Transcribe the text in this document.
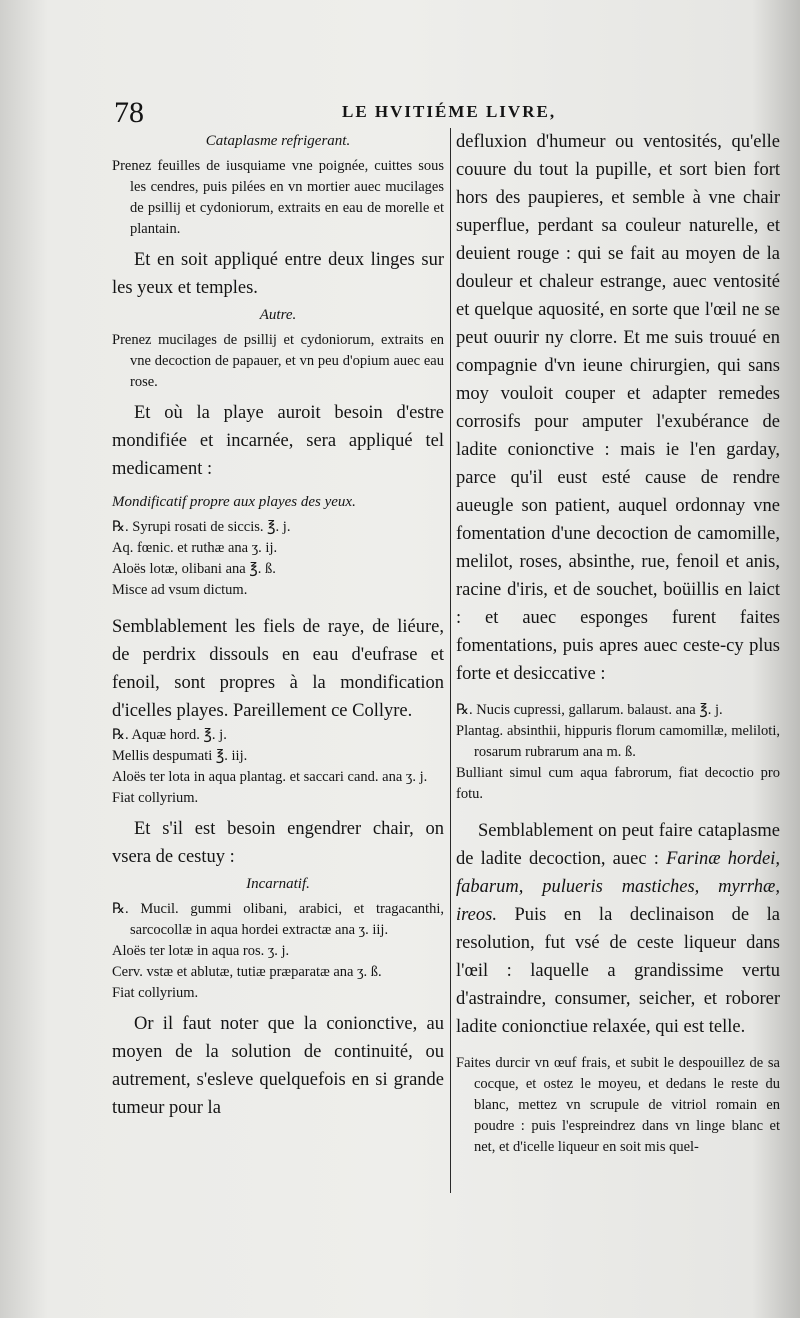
78	LE HVITIÉME LIVRE,
Cataplasme refrigerant.

Prenez feuilles de iusquiame vne poignée, cuittes sous les cendres, puis pilées en vn mortier auec mucilages de psillij et cydoniorum, extraits en eau de morelle et plantain.

Et en soit appliqué entre deux linges sur les yeux et temples.

Autre.

Prenez mucilages de psillij et cydoniorum, extraits en vne decoction de papauer, et vn peu d'opium auec eau rose.

Et où la playe auroit besoin d'estre mondifiée et incarnée, sera appliqué tel medicament :

Mondificatif propre aux playes des yeux.

℞. Syrupi rosati de siccis. ℥. j.

Aq. fœnic. et ruthæ ana ʒ. ij.

Aloës lotæ, olibani ana ℥. ß.

Misce ad vsum dictum.

Semblablement les fiels de raye, de liéure, de perdrix dissouls en eau d'eufrase et fenoil, sont propres à la mondification d'icelles playes. Pareillement ce Collyre.

℞. Aquæ hord. ℥. j.

Mellis despumati ℥. iij.

Aloës ter lota in aqua plantag. et saccari cand. ana ʒ. j.

Fiat collyrium.

Et s'il est besoin engendrer chair, on vsera de cestuy :

Incarnatif.

℞. Mucil. gummi olibani, arabici, et tragacanthi, sarcocollæ in aqua hordei extractæ ana ʒ. iij.

Aloës ter lotæ in aqua ros. ʒ. j.

Cerv. vstæ et ablutæ, tutiæ præparatæ ana ʒ. ß.

Fiat collyrium.

Or il faut noter que la conionctive, au moyen de la solution de continuité, ou autrement, s'esleve quelquefois en si grande tumeur pour la

defluxion d'humeur ou ventosités, qu'elle couure du tout la pupille, et sort bien fort hors des paupieres, et semble à vne chair superflue, perdant sa couleur naturelle, et deuient rouge : qui se fait au moyen de la douleur et chaleur estrange, auec ventosité et quelque aquosité, en sorte que l'œil ne se peut ouurir ny clorre. Et me suis trouué en compagnie d'vn ieune chirurgien, qui sans moy vouloit couper et adapter remedes corrosifs pour amputer l'exubérance de ladite conionctive : mais ie l'en garday, parce qu'il eust esté cause de rendre aueugle son patient, auquel ordonnay vne fomentation d'une decoction de camomille, melilot, roses, absinthe, rue, fenoil et anis, racine d'iris, et de souchet, boüillis en laict : et auec esponges furent faites fomentations, puis apres auec ceste-cy plus forte et desiccative :

℞. Nucis cupressi, gallarum. balaust. ana ℥. j.

Plantag. absinthii, hippuris florum camomillæ, meliloti, rosarum rubrarum ana m. ß.

Bulliant simul cum aqua fabrorum, fiat decoctio pro fotu.

Semblablement on peut faire cataplasme de ladite decoction, auec : Farinæ hordei, fabarum, pulueris mastiches, myrrhæ, ireos. Puis en la declinaison de la resolution, fut vsé de ceste liqueur dans l'œil : laquelle a grandissime vertu d'astraindre, consumer, seicher, et roborer ladite conionctiue relaxée, qui est telle.

Faites durcir vn œuf frais, et subit le despouillez de sa cocque, et ostez le moyeu, et dedans le reste du blanc, mettez vn scrupule de vitriol romain en poudre : puis l'espreindrez dans vn linge blanc et net, et d'icelle liqueur en soit mis quel-
